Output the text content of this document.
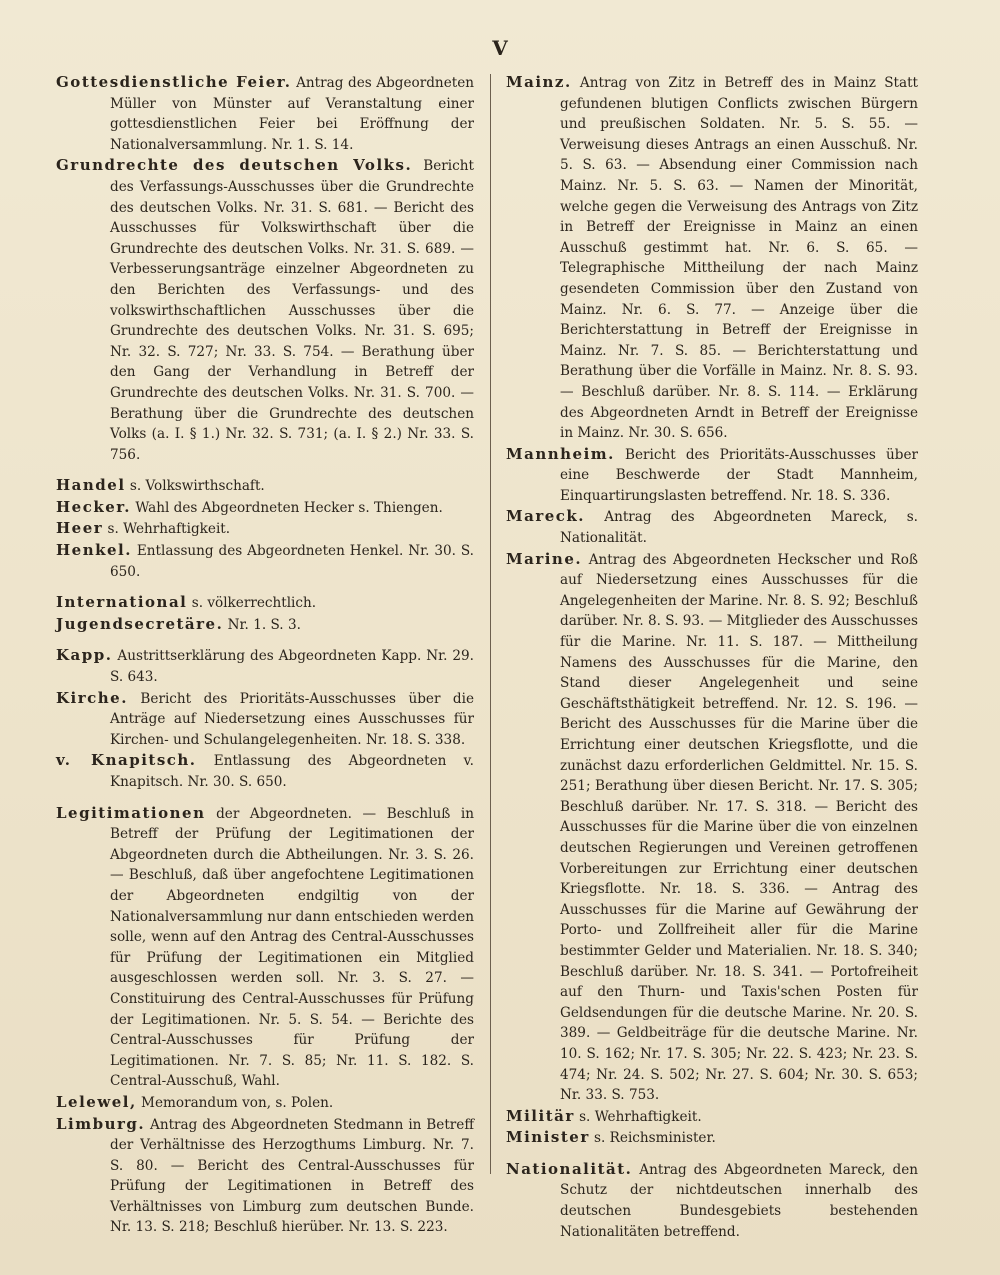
V

Gottesdienstliche Feier. Antrag des Abgeordneten Müller von Münster auf Veranstaltung einer gottesdienstlichen Feier bei Eröffnung der Nationalversammlung. Nr. 1. S. 14.

Grundrechte des deutschen Volks. Bericht des Verfassungs-Ausschusses über die Grundrechte des deutschen Volks. Nr. 31. S. 681. — Bericht des Ausschusses für Volkswirthschaft über die Grundrechte des deutschen Volks. Nr. 31. S. 689. — Verbesserungsanträge einzelner Abgeordneten zu den Berichten des Verfassungs- und des volkswirthschaftlichen Ausschusses über die Grundrechte des deutschen Volks. Nr. 31. S. 695; Nr. 32. S. 727; Nr. 33. S. 754. — Berathung über den Gang der Verhandlung in Betreff der Grundrechte des deutschen Volks. Nr. 31. S. 700. — Berathung über die Grundrechte des deutschen Volks (a. I. § 1.) Nr. 32. S. 731; (a. I. § 2.) Nr. 33. S. 756.

Handel s. Volkswirthschaft.

Hecker. Wahl des Abgeordneten Hecker s. Thiengen.

Heer s. Wehrhaftigkeit.

Henkel. Entlassung des Abgeordneten Henkel. Nr. 30. S. 650.

International s. völkerrechtlich.

Jugendsecretäre. Nr. 1. S. 3.

Kapp. Austrittserklärung des Abgeordneten Kapp. Nr. 29. S. 643.

Kirche. Bericht des Prioritäts-Ausschusses über die Anträge auf Niedersetzung eines Ausschusses für Kirchen- und Schulangelegenheiten. Nr. 18. S. 338.

v. Knapitsch. Entlassung des Abgeordneten v. Knapitsch. Nr. 30. S. 650.

Legitimationen der Abgeordneten. — Beschluß in Betreff der Prüfung der Legitimationen der Abgeordneten durch die Abtheilungen. Nr. 3. S. 26. — Beschluß, daß über angefochtene Legitimationen der Abgeordneten endgiltig von der Nationalversammlung nur dann entschieden werden solle, wenn auf den Antrag des Central-Ausschusses für Prüfung der Legitimationen ein Mitglied ausgeschlossen werden soll. Nr. 3. S. 27. — Constituirung des Central-Ausschusses für Prüfung der Legitimationen. Nr. 5. S. 54. — Berichte des Central-Ausschusses für Prüfung der Legitimationen. Nr. 7. S. 85; Nr. 11. S. 182. S. Central-Ausschuß, Wahl.

Lelewel, Memorandum von, s. Polen.

Limburg. Antrag des Abgeordneten Stedmann in Betreff der Verhältnisse des Herzogthums Limburg. Nr. 7. S. 80. — Bericht des Central-Ausschusses für Prüfung der Legitimationen in Betreff des Verhältnisses von Limburg zum deutschen Bunde. Nr. 13. S. 218; Beschluß hierüber. Nr. 13. S. 223.

Mainz. Antrag von Zitz in Betreff des in Mainz Statt gefundenen blutigen Conflicts zwischen Bürgern und preußischen Soldaten. Nr. 5. S. 55. — Verweisung dieses Antrags an einen Ausschuß. Nr. 5. S. 63. — Absendung einer Commission nach Mainz. Nr. 5. S. 63. — Namen der Minorität, welche gegen die Verweisung des Antrags von Zitz in Betreff der Ereignisse in Mainz an einen Ausschuß gestimmt hat. Nr. 6. S. 65. — Telegraphische Mittheilung der nach Mainz gesendeten Commission über den Zustand von Mainz. Nr. 6. S. 77. — Anzeige über die Berichterstattung in Betreff der Ereignisse in Mainz. Nr. 7. S. 85. — Berichterstattung und Berathung über die Vorfälle in Mainz. Nr. 8. S. 93. — Beschluß darüber. Nr. 8. S. 114. — Erklärung des Abgeordneten Arndt in Betreff der Ereignisse in Mainz. Nr. 30. S. 656.

Mannheim. Bericht des Prioritäts-Ausschusses über eine Beschwerde der Stadt Mannheim, Einquartirungslasten betreffend. Nr. 18. S. 336.

Mareck. Antrag des Abgeordneten Mareck, s. Nationalität.

Marine. Antrag des Abgeordneten Heckscher und Roß auf Niedersetzung eines Ausschusses für die Angelegenheiten der Marine. Nr. 8. S. 92; Beschluß darüber. Nr. 8. S. 93. — Mitglieder des Ausschusses für die Marine. Nr. 11. S. 187. — Mittheilung Namens des Ausschusses für die Marine, den Stand dieser Angelegenheit und seine Geschäftsthätigkeit betreffend. Nr. 12. S. 196. — Bericht des Ausschusses für die Marine über die Errichtung einer deutschen Kriegsflotte, und die zunächst dazu erforderlichen Geldmittel. Nr. 15. S. 251; Berathung über diesen Bericht. Nr. 17. S. 305; Beschluß darüber. Nr. 17. S. 318. — Bericht des Ausschusses für die Marine über die von einzelnen deutschen Regierungen und Vereinen getroffenen Vorbereitungen zur Errichtung einer deutschen Kriegsflotte. Nr. 18. S. 336. — Antrag des Ausschusses für die Marine auf Gewährung der Porto- und Zollfreiheit aller für die Marine bestimmter Gelder und Materialien. Nr. 18. S. 340; Beschluß darüber. Nr. 18. S. 341. — Portofreiheit auf den Thurn- und Taxis'schen Posten für Geldsendungen für die deutsche Marine. Nr. 20. S. 389. — Geldbeiträge für die deutsche Marine. Nr. 10. S. 162; Nr. 17. S. 305; Nr. 22. S. 423; Nr. 23. S. 474; Nr. 24. S. 502; Nr. 27. S. 604; Nr. 30. S. 653; Nr. 33. S. 753.

Militär s. Wehrhaftigkeit.

Minister s. Reichsminister.

Nationalität. Antrag des Abgeordneten Mareck, den Schutz der nichtdeutschen innerhalb des deutschen Bundesgebiets bestehenden Nationalitäten betreffend.
